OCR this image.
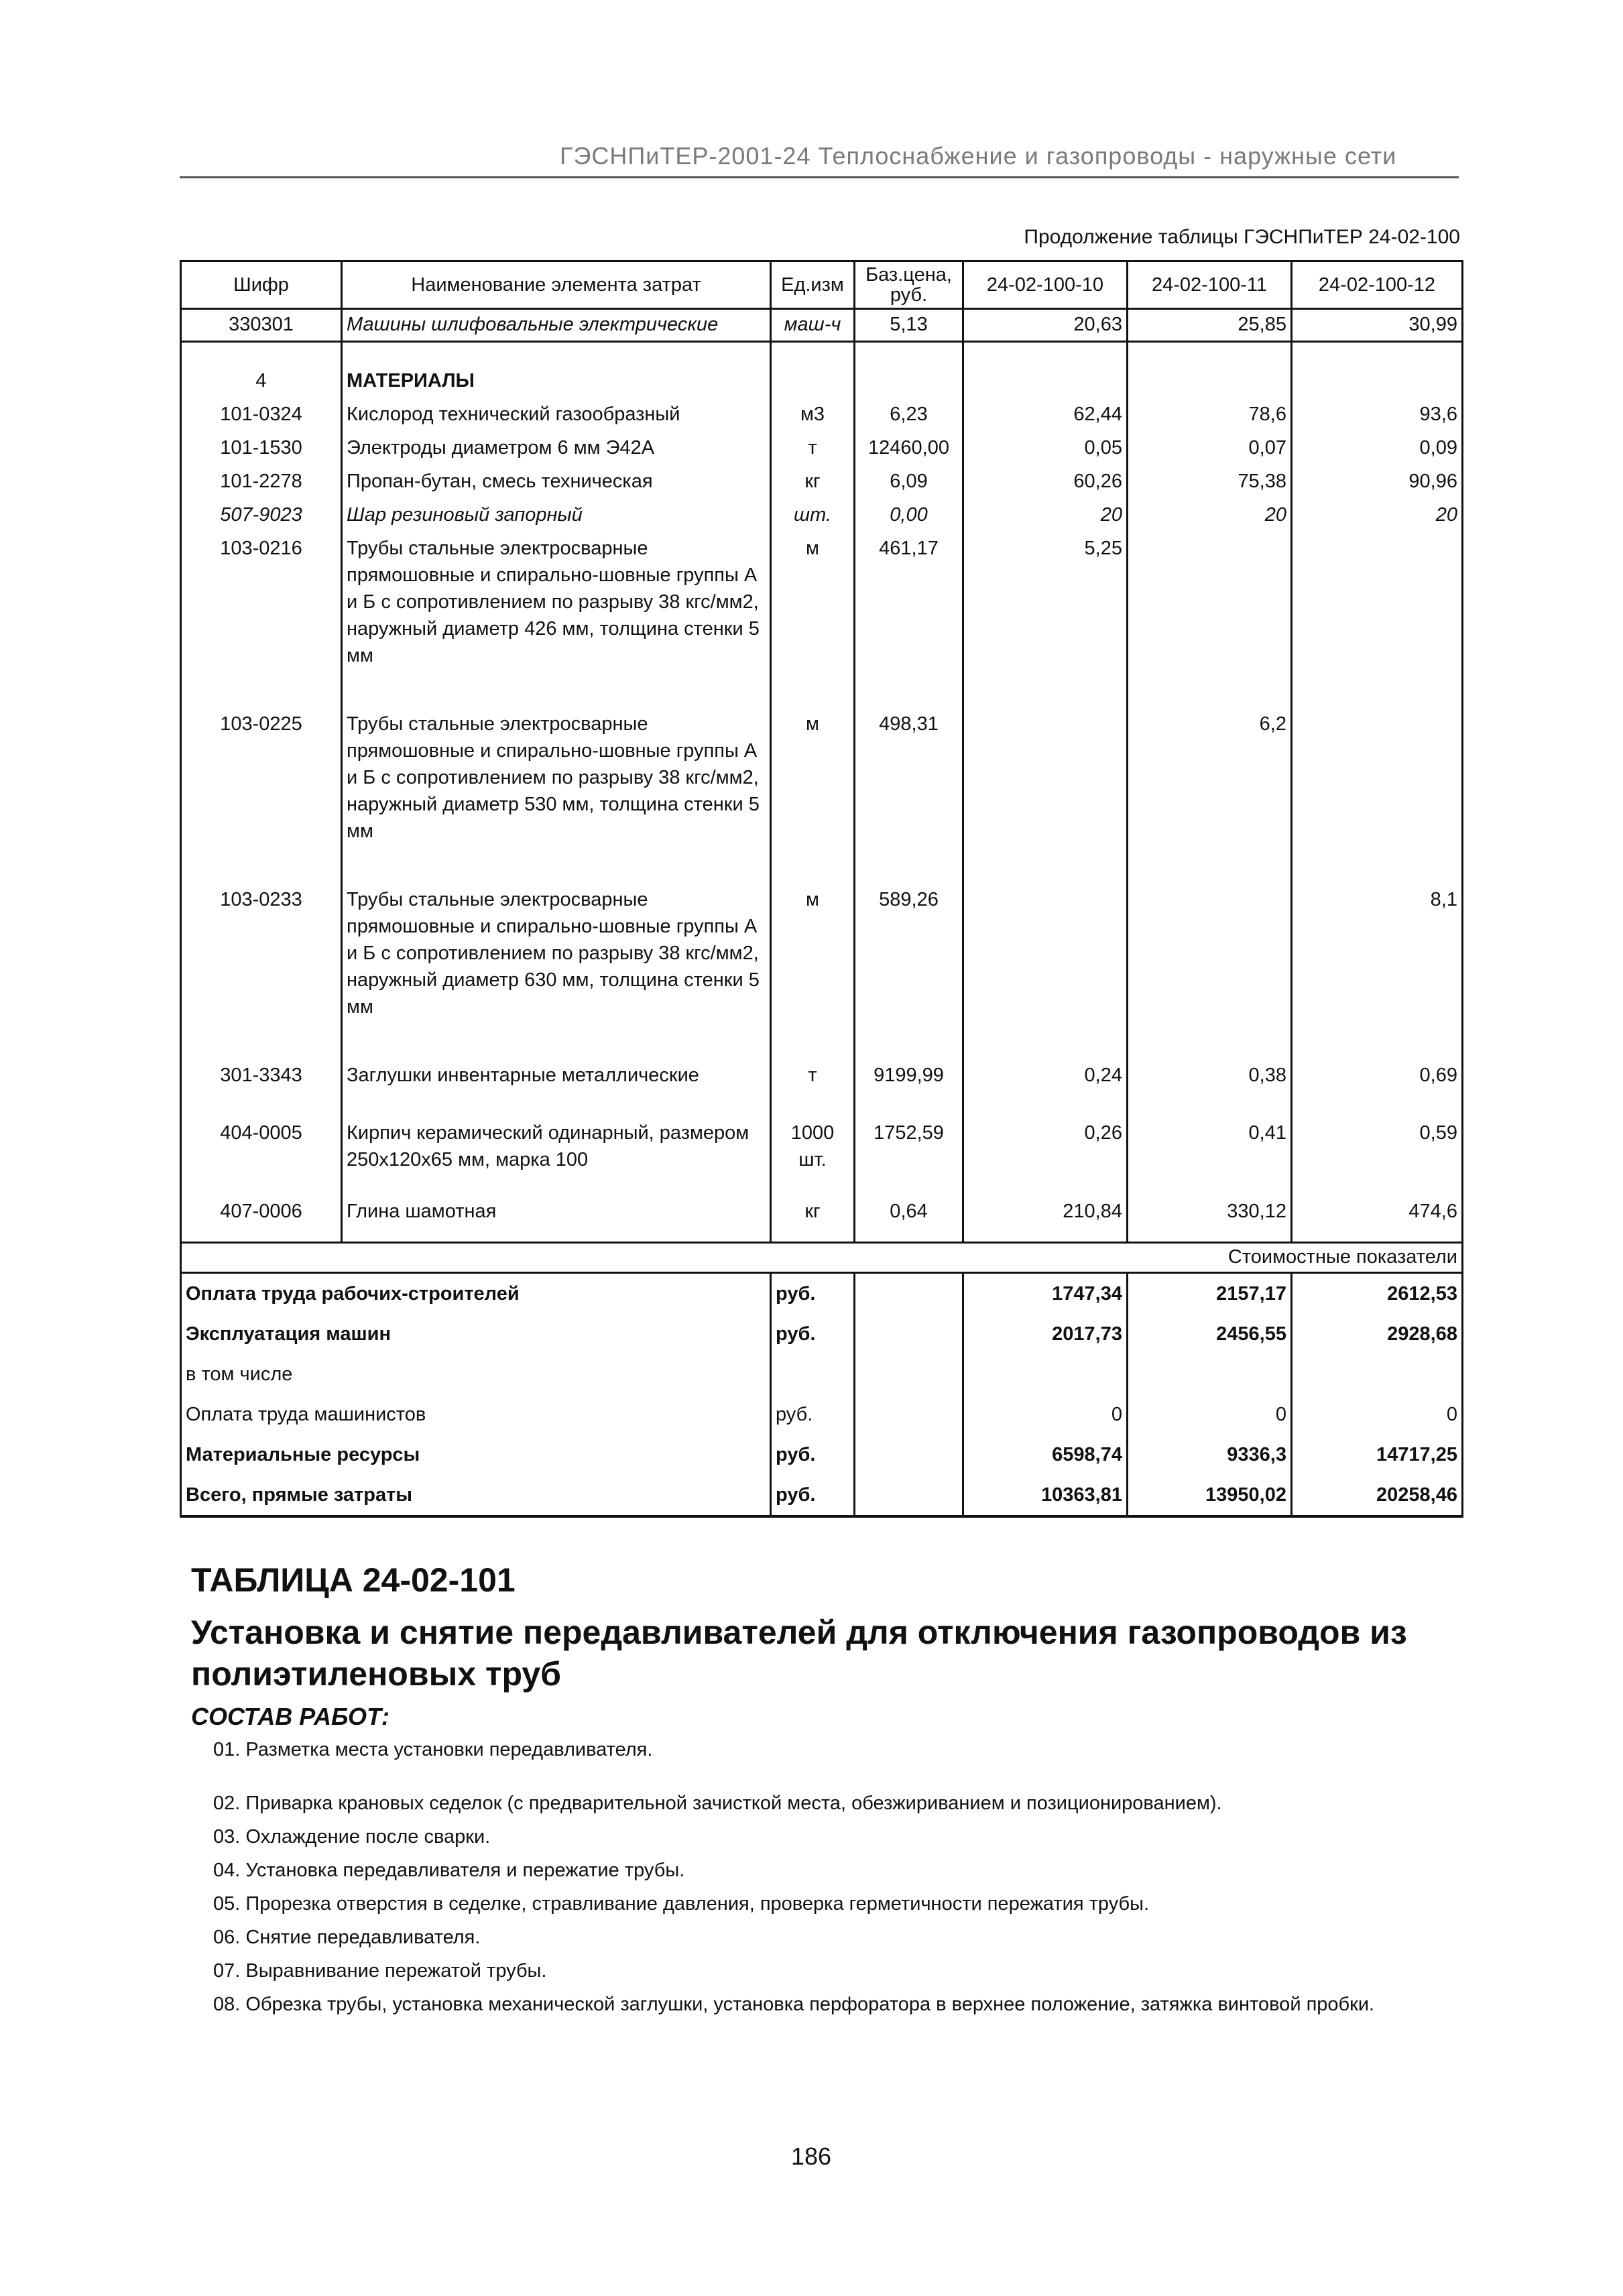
ГЭСНПиТЕР-2001-24 Теплоснабжение и газопроводы - наружные сети
Продолжение таблицы ГЭСНПиТЕР 24-02-100
Шифр	Наименование элемента затрат	Ед.изм	Баз.цена, руб.	24-02-100-10	24-02-100-11	24-02-100-12
330301	Машины шлифовальные электрические	маш-ч	5,13	20,63	25,85	30,99

4	МАТЕРИАЛЫ					
101-0324	Кислород технический газообразный	м3	6,23	62,44	78,6	93,6
101-1530	Электроды диаметром 6 мм Э42А	т	12460,00	0,05	0,07	0,09
101-2278	Пропан-бутан, смесь техническая	кг	6,09	60,26	75,38	90,96
507-9023	Шар резиновый запорный	шт.	0,00	20	20	20
103-0216	Трубы стальные электросварные прямошовные и спирально-шовные группы А и Б с сопротивлением по разрыву 38 кгс/мм2, наружный диаметр 426 мм, толщина стенки 5 мм	м	461,17	5,25		
103-0225	Трубы стальные электросварные прямошовные и спирально-шовные группы А и Б с сопротивлением по разрыву 38 кгс/мм2, наружный диаметр 530 мм, толщина стенки 5 мм	м	498,31		6,2	
103-0233	Трубы стальные электросварные прямошовные и спирально-шовные группы А и Б с сопротивлением по разрыву 38 кгс/мм2, наружный диаметр 630 мм, толщина стенки 5 мм	м	589,26			8,1
301-3343	Заглушки инвентарные металлические	т	9199,99	0,24	0,38	0,69
404-0005	Кирпич керамический одинарный, размером 250х120х65 мм, марка 100	1000 шт.	1752,59	0,26	0,41	0,59
407-0006	Глина шамотная	кг	0,64	210,84	330,12	474,6
Стоимостные показатели						
Оплата труда рабочих-строителей		руб.		1747,34	2157,17	2612,53
Эксплуатация машин		руб.		2017,73	2456,55	2928,68
в том числе						
Оплата труда машинистов		руб.		0	0	0
Материальные ресурсы		руб.		6598,74	9336,3	14717,25
Всего, прямые затраты		руб.		10363,81	13950,02	20258,46
ТАБЛИЦА 24-02-101
Установка и снятие передавливателей для отключения газопроводов из полиэтиленовых труб
СОСТАВ РАБОТ:
01. Разметка места установки передавливателя.
02. Приварка крановых седелок (с предварительной зачисткой места, обезжириванием и позиционированием).
03. Охлаждение после сварки.
04. Установка передавливателя и пережатие трубы.
05. Прорезка отверстия в седелке, стравливание давления, проверка герметичности пережатия трубы.
06. Снятие передавливателя.
07. Выравнивание пережатой трубы.
08. Обрезка трубы, установка механической заглушки, установка перфоратора в верхнее положение, затяжка винтовой пробки.
186
